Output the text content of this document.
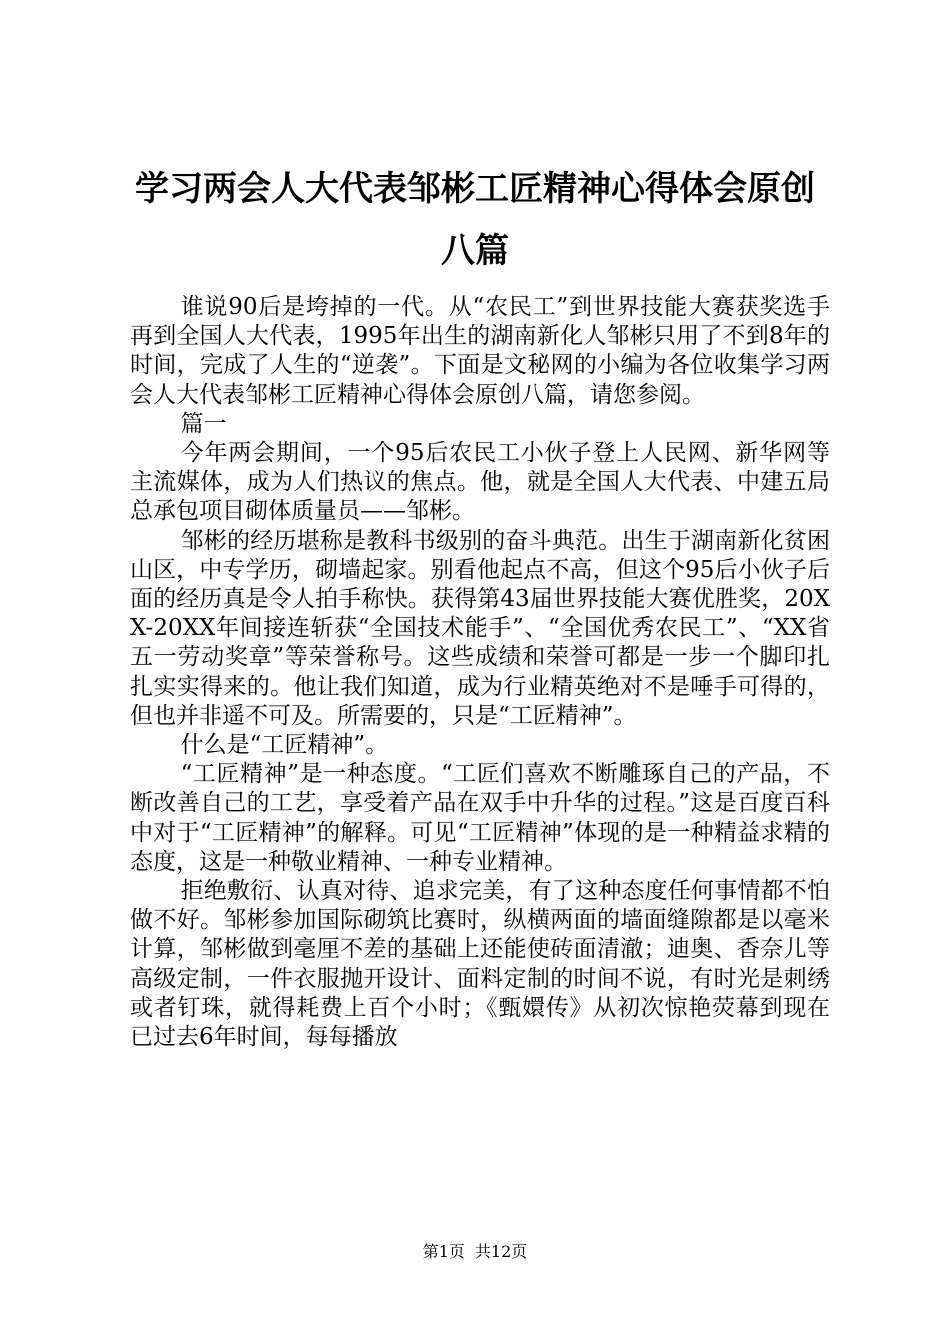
学习两会人大代表邹彬工匠精神心得体会原创
八篇

谁说90后是垮掉的一代。从“农民工”到世界技能大赛获奖选手再到全国人大代表，1995年出生的湖南新化人邹彬只用了不到8年的时间，完成了人生的“逆袭”。下面是文秘网的小编为各位收集学习两会人大代表邹彬工匠精神心得体会原创八篇，请您参阅。

篇一

今年两会期间，一个95后农民工小伙子登上人民网、新华网等主流媒体，成为人们热议的焦点。他，就是全国人大代表、中建五局总承包项目砌体质量员——邹彬。

邹彬的经历堪称是教科书级别的奋斗典范。出生于湖南新化贫困山区，中专学历，砌墙起家。别看他起点不高，但这个95后小伙子后面的经历真是令人拍手称快。获得第43届世界技能大赛优胜奖，20XX-20XX年间接连斩获“全国技术能手”、“全国优秀农民工”、“XX省五一劳动奖章”等荣誉称号。这些成绩和荣誉可都是一步一个脚印扎扎实实得来的。他让我们知道，成为行业精英绝对不是唾手可得的，但也并非遥不可及。所需要的，只是“工匠精神”。

什么是“工匠精神”。

“工匠精神”是一种态度。“工匠们喜欢不断雕琢自己的产品，不断改善自己的工艺，享受着产品在双手中升华的过程。”这是百度百科中对于“工匠精神”的解释。可见“工匠精神”体现的是一种精益求精的态度，这是一种敬业精神、一种专业精神。

拒绝敷衍、认真对待、追求完美，有了这种态度任何事情都不怕做不好。邹彬参加国际砌筑比赛时，纵横两面的墙面缝隙都是以毫米计算，邹彬做到毫厘不差的基础上还能使砖面清澈；迪奥、香奈儿等高级定制，一件衣服抛开设计、面料定制的时间不说，有时光是刺绣或者钉珠，就得耗费上百个小时；《甄嬛传》从初次惊艳荧幕到现在已过去6年时间，每每播放

第1页 共12页
